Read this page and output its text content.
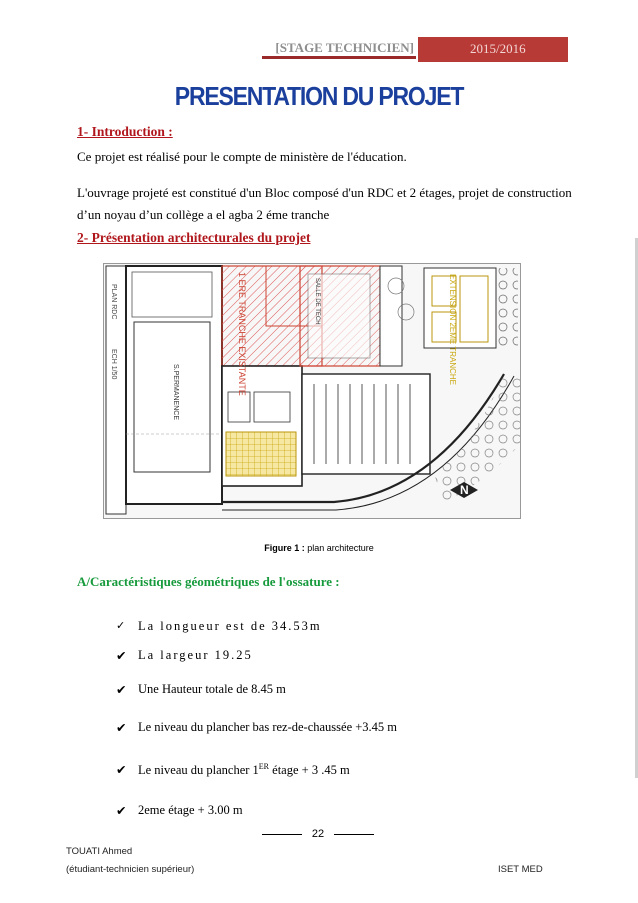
[STAGE TECHNICIEN]	2015/2016
PRESENTATION DU PROJET
1- Introduction :
Ce projet est réalisé pour le compte de ministère de l'éducation.
L'ouvrage projeté est constitué d'un Bloc composé d'un RDC et 2 étages, projet de construction d’un noyau d’un collège a el agba 2 éme tranche
2- Présentation architecturales du projet
N
PLAN RDC
ECH 1/50	1 ERE TRANCHE EXISTANTE
S.PERMANENCE
SALLE DE TECH	EXTENSION 2EME TRANCHE
Figure 1 : plan architecture
A/Caractéristiques géométriques de l'ossature :
✓	La longueur est de 34.53m
✔ La largeur 19.25
✔ Une Hauteur totale de 8.45 m
✔ Le niveau du plancher bas rez-de-chaussée +3.45 m
✔ Le niveau du plancher 1ER étage + 3 .45 m
✔ 2eme étage + 3.00 m
22
TOUATI Ahmed
(étudiant-technicien supérieur)	ISET MED
